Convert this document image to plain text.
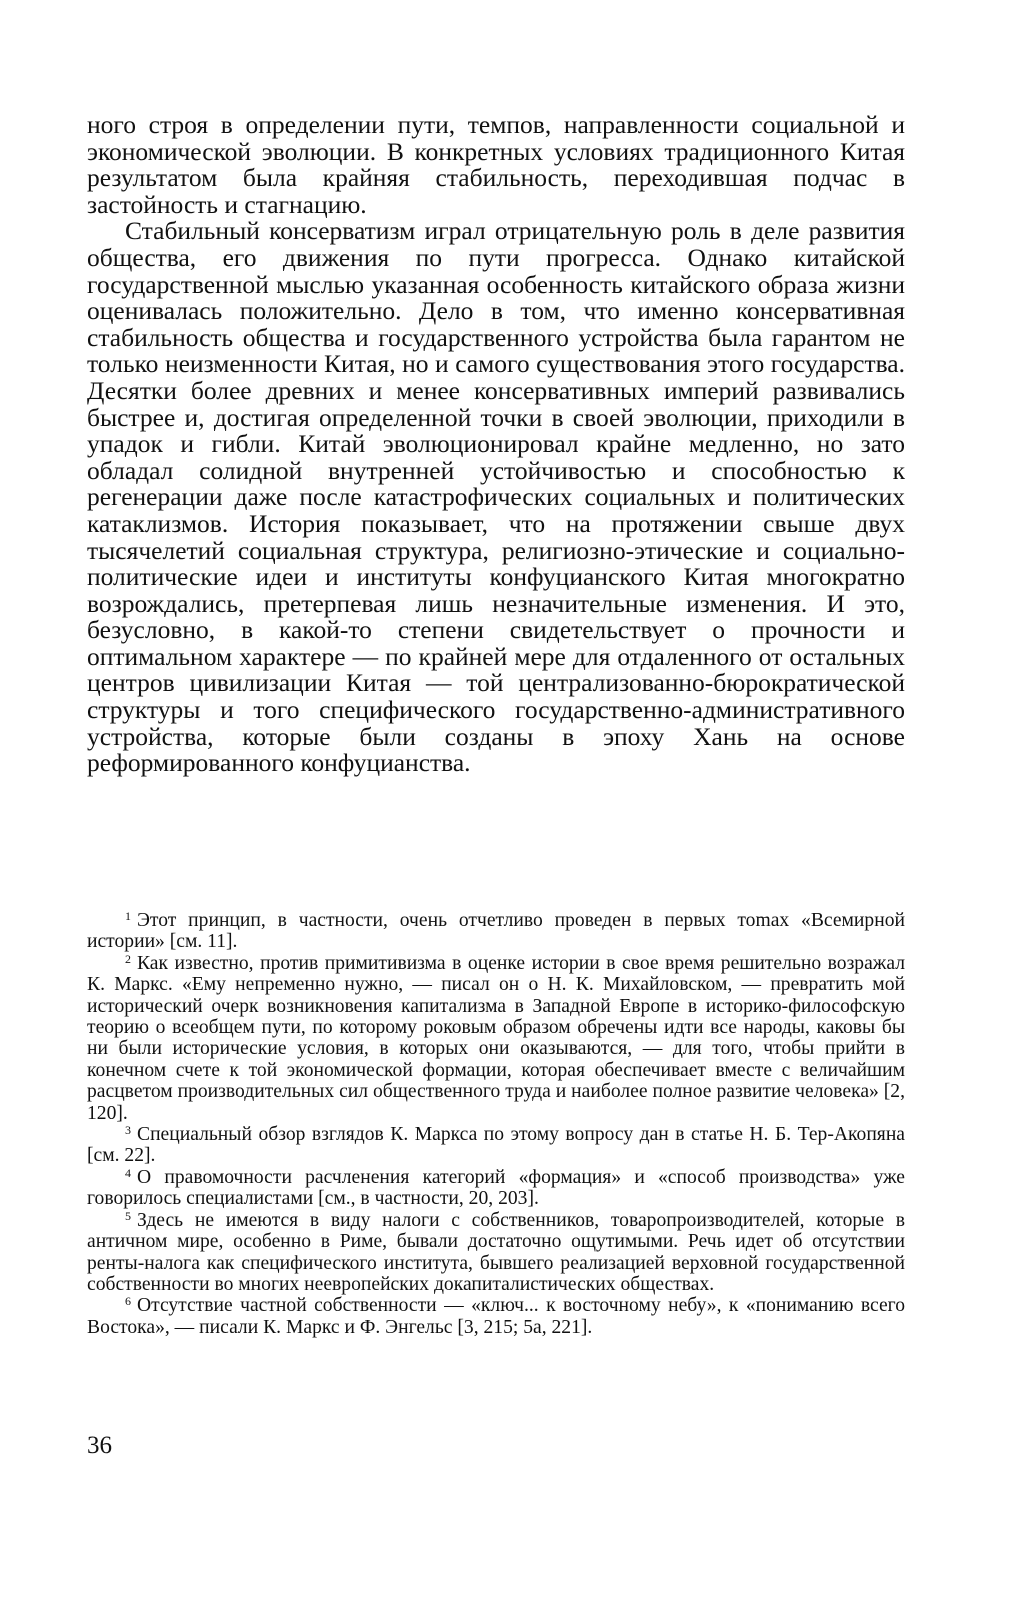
ного строя в определении пути, темпов, направленности социальной и экономической эволюции. В конкретных условиях традиционного Китая результатом была крайняя стабильность, переходившая подчас в застойность и стагнацию.

Стабильный консерватизм играл отрицательную роль в деле развития общества, его движения по пути прогресса. Однако китайской государственной мыслью указанная особенность китайского образа жизни оценивалась положительно. Дело в том, что именно консервативная стабильность общества и государственного устройства была гарантом не только неизменности Китая, но и самого существования этого государства. Десятки более древних и менее консервативных империй развивались быстрее и, достигая определенной точки в своей эволюции, приходили в упадок и гибли. Китай эволюционировал крайне медленно, но зато обладал солидной внутренней устойчивостью и способностью к регенерации даже после катастрофических социальных и политических катаклизмов. История показывает, что на протяжении свыше двух тысячелетий социальная структура, религиозно-этические и социально-политические идеи и институты конфуцианского Китая многократно возрождались, претерпевая лишь незначительные изменения. И это, безусловно, в какой-то степени свидетельствует о прочности и оптимальном характере — по крайней мере для отдаленного от остальных центров цивилизации Китая — той централизованно-бюрократической структуры и того специфического государственно-административного устройства, которые были созданы в эпоху Хань на основе реформированного конфуцианства.

$^1$ Этот принцип, в частности, очень отчетливо проведен в первых тоmax «Всемирной истории» [см. 11].

$^2$ Как известно, против примитивизма в оценке истории в свое время решительно возражал К. Маркс. «Ему непременно нужно, — писал он о Н. К. Михайловском, — превратить мой исторический очерк возникновения капитализма в Западной Европе в историко-философскую теорию о всеобщем пути, по которому роковым образом обречены идти все народы, каковы бы ни были исторические условия, в которых они оказываются, — для того, чтобы прийти в конечном счете к той экономической формации, которая обеспечивает вместе с величайшим расцветом производительных сил общественного труда и наиболее полное развитие человека» [2, 120].

$^3$ Специальный обзор взглядов К. Маркса по этому вопросу дан в статье Н. Б. Тер-Акопяна [см. 22].

$^4$ О правомочности расчленения категорий «формация» и «способ производства» уже говорилось специалистами [см., в частности, 20, 203].

$^5$ Здесь не имеются в виду налоги с собственников, товаропроизводителей, которые в античном мире, особенно в Риме, бывали достаточно ощутимыми. Речь идет об отсутствии ренты-налога как специфического института, бывшего реализацией верховной государственной собственности во многих неевропейских докапиталистических обществах.

$^6$ Отсутствие частной собственности — «ключ... к восточному небу», к «пониманию всего Востока», — писали К. Маркс и Ф. Энгельс [3, 215; 5а, 221].

36
